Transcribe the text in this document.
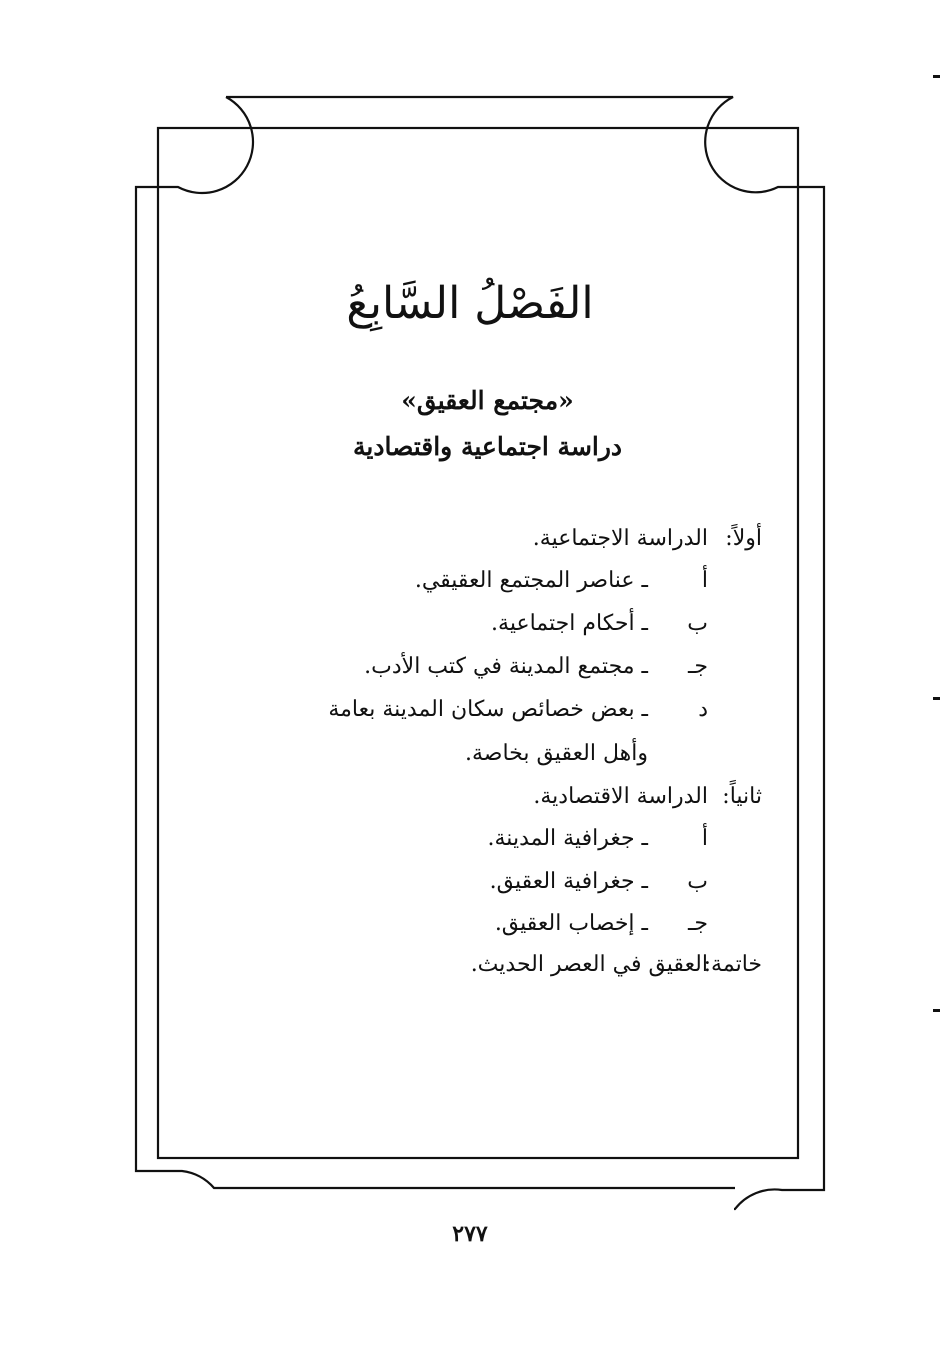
الفَصْلُ السَّابِعُ
«مجتمع العقيق»
دراسة اجتماعية واقتصادية
أولاً:
الدراسة الاجتماعية.
أ
ـ عناصر المجتمع العقيقي.
ب
ـ أحكام اجتماعية.
جـ
ـ مجتمع المدينة في كتب الأدب.
د
ـ بعض خصائص سكان المدينة بعامة
وأهل العقيق بخاصة.
ثانياً:
الدراسة الاقتصادية.
أ
ـ جغرافية المدينة.
ب
ـ جغرافية العقيق.
جـ
ـ إخصاب العقيق.
خاتمة:
العقيق في العصر الحديث.
٢٧٧
